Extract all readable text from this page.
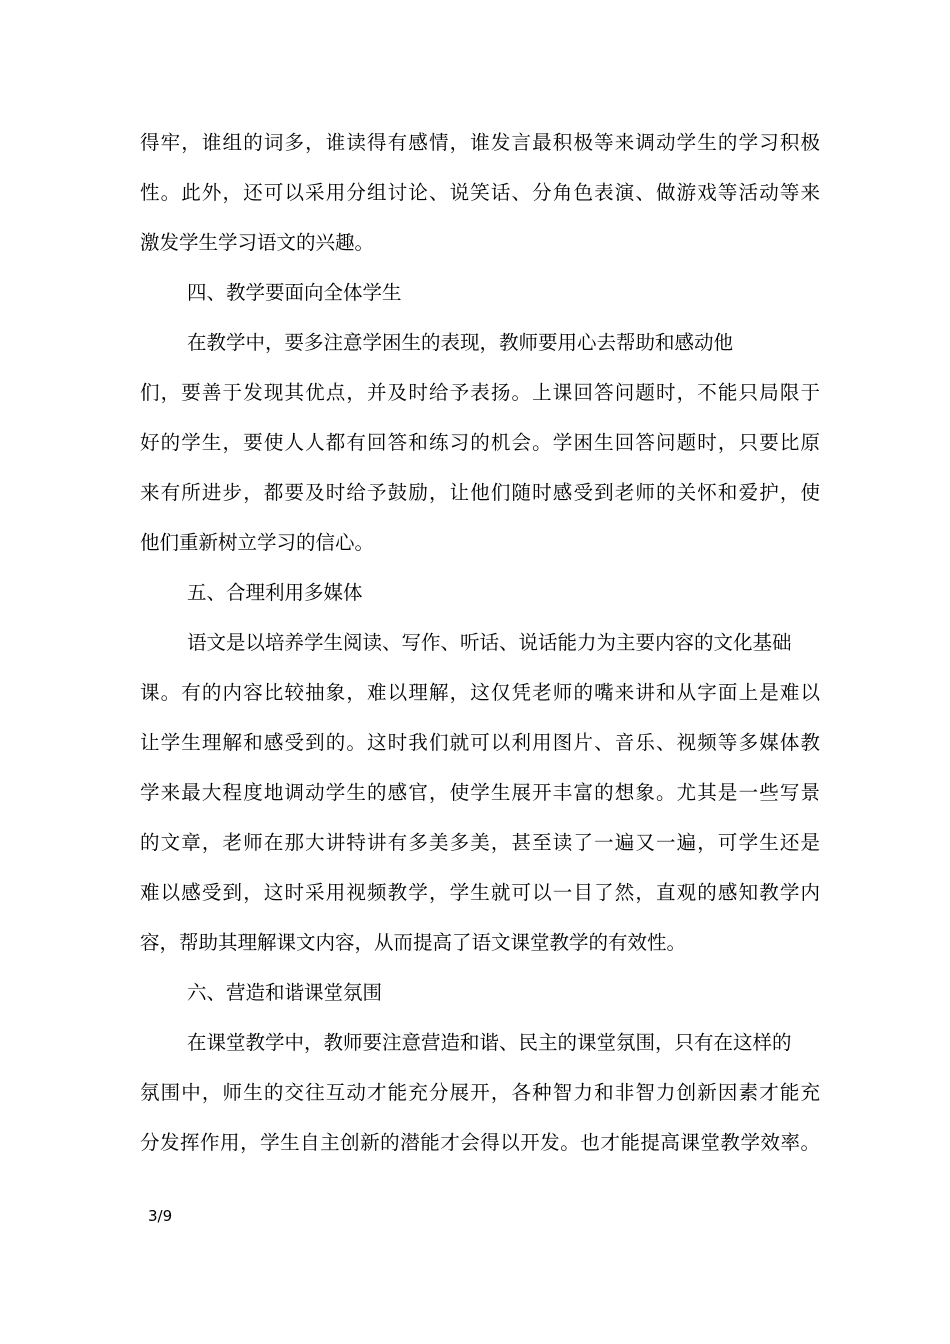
得牢，谁组的词多，谁读得有感情，谁发言最积极等来调动学生的学习积极
性。此外，还可以采用分组讨论、说笑话、分角色表演、做游戏等活动等来
激发学生学习语文的兴趣。
四、教学要面向全体学生
在教学中，要多注意学困生的表现，教师要用心去帮助和感动他
们，要善于发现其优点，并及时给予表扬。上课回答问题时，不能只局限于
好的学生，要使人人都有回答和练习的机会。学困生回答问题时，只要比原
来有所进步，都要及时给予鼓励，让他们随时感受到老师的关怀和爱护，使
他们重新树立学习的信心。
五、合理利用多媒体
语文是以培养学生阅读、写作、听话、说话能力为主要内容的文化基础
课。有的内容比较抽象，难以理解，这仅凭老师的嘴来讲和从字面上是难以
让学生理解和感受到的。这时我们就可以利用图片、音乐、视频等多媒体教
学来最大程度地调动学生的感官，使学生展开丰富的想象。尤其是一些写景
的文章，老师在那大讲特讲有多美多美，甚至读了一遍又一遍，可学生还是
难以感受到，这时采用视频教学，学生就可以一目了然，直观的感知教学内
容，帮助其理解课文内容，从而提高了语文课堂教学的有效性。
六、营造和谐课堂氛围
在课堂教学中，教师要注意营造和谐、民主的课堂氛围，只有在这样的
氛围中，师生的交往互动才能充分展开，各种智力和非智力创新因素才能充
分发挥作用，学生自主创新的潜能才会得以开发。也才能提高课堂教学效率。
3/9
